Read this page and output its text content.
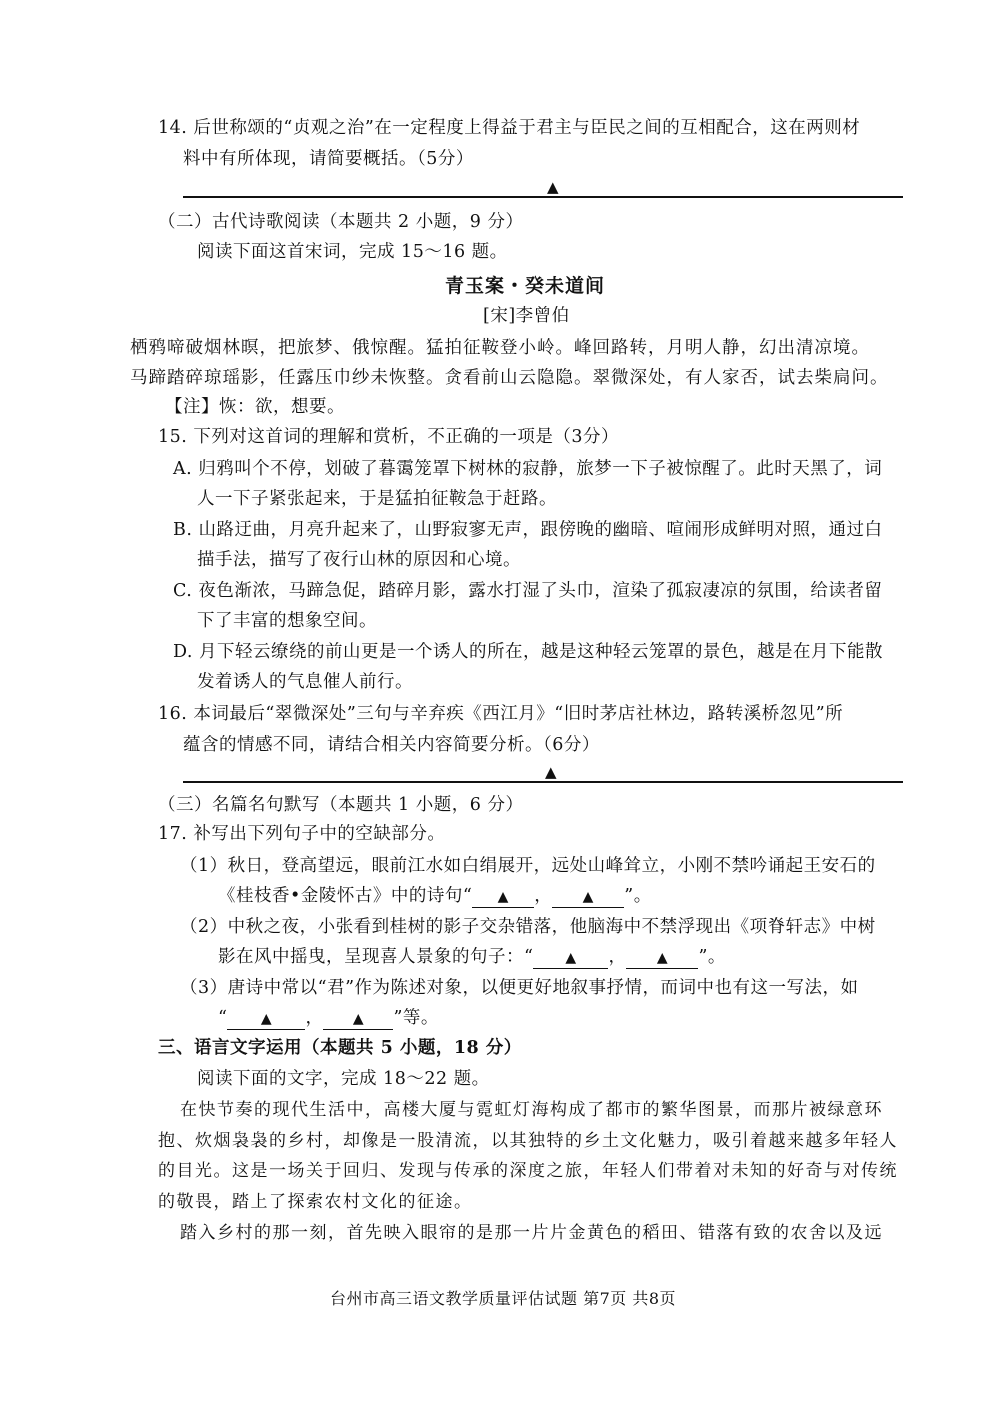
14. 后世称颂的“贞观之治”在一定程度上得益于君主与臣民之间的互相配合，这在两则材
料中有所体现，请简要概括。（5分）
▲
（二）古代诗歌阅读（本题共 2 小题，9 分）
阅读下面这首宋词，完成 15～16 题。
青玉案・癸未道间
[宋]李曾伯
栖鸦啼破烟林暝，把旅梦、俄惊醒。猛拍征鞍登小岭。峰回路转，月明人静，幻出清凉境。
马蹄踏碎琼瑶影，任露压巾纱未恢整。贪看前山云隐隐。翠微深处，有人家否，试去柴扃问。
【注】恢：欲，想要。
15. 下列对这首词的理解和赏析，不正确的一项是（3分）
A. 归鸦叫个不停，划破了暮霭笼罩下树林的寂静，旅梦一下子被惊醒了。此时天黑了，词
人一下子紧张起来，于是猛拍征鞍急于赶路。
B. 山路迂曲，月亮升起来了，山野寂寥无声，跟傍晚的幽暗、喧闹形成鲜明对照，通过白
描手法，描写了夜行山林的原因和心境。
C. 夜色渐浓，马蹄急促，踏碎月影，露水打湿了头巾，渲染了孤寂凄凉的氛围，给读者留
下了丰富的想象空间。
D. 月下轻云缭绕的前山更是一个诱人的所在，越是这种轻云笼罩的景色，越是在月下能散
发着诱人的气息催人前行。
16. 本词最后“翠微深处”三句与辛弃疾《西江月》“旧时茅店社林边，路转溪桥忽见”所
蕴含的情感不同，请结合相关内容简要分析。（6分）
▲
（三）名篇名句默写（本题共 1 小题，6 分）
17. 补写出下列句子中的空缺部分。
（1）秋日，登高望远，眼前江水如白绢展开，远处山峰耸立，小刚不禁吟诵起王安石的
《桂枝香•金陵怀古》中的诗句“ ▲ ， ▲ ”。
（2）中秋之夜，小张看到桂树的影子交杂错落，他脑海中不禁浮现出《项脊轩志》中树
影在风中摇曳，呈现喜人景象的句子：“ ▲ ， ▲ ”。
（3）唐诗中常以“君”作为陈述对象，以便更好地叙事抒情，而词中也有这一写法，如
“ ▲ ， ▲ ”等。
三、语言文字运用（本题共 5 小题，18 分）
阅读下面的文字，完成 18～22 题。
在快节奏的现代生活中，高楼大厦与霓虹灯海构成了都市的繁华图景，而那片被绿意环
抱、炊烟袅袅的乡村，却像是一股清流，以其独特的乡土文化魅力，吸引着越来越多年轻人
的目光。这是一场关于回归、发现与传承的深度之旅，年轻人们带着对未知的好奇与对传统
的敬畏，踏上了探索农村文化的征途。
踏入乡村的那一刻，首先映入眼帘的是那一片片金黄色的稻田、错落有致的农舍以及远
台州市高三语文教学质量评估试题 第7页 共8页
